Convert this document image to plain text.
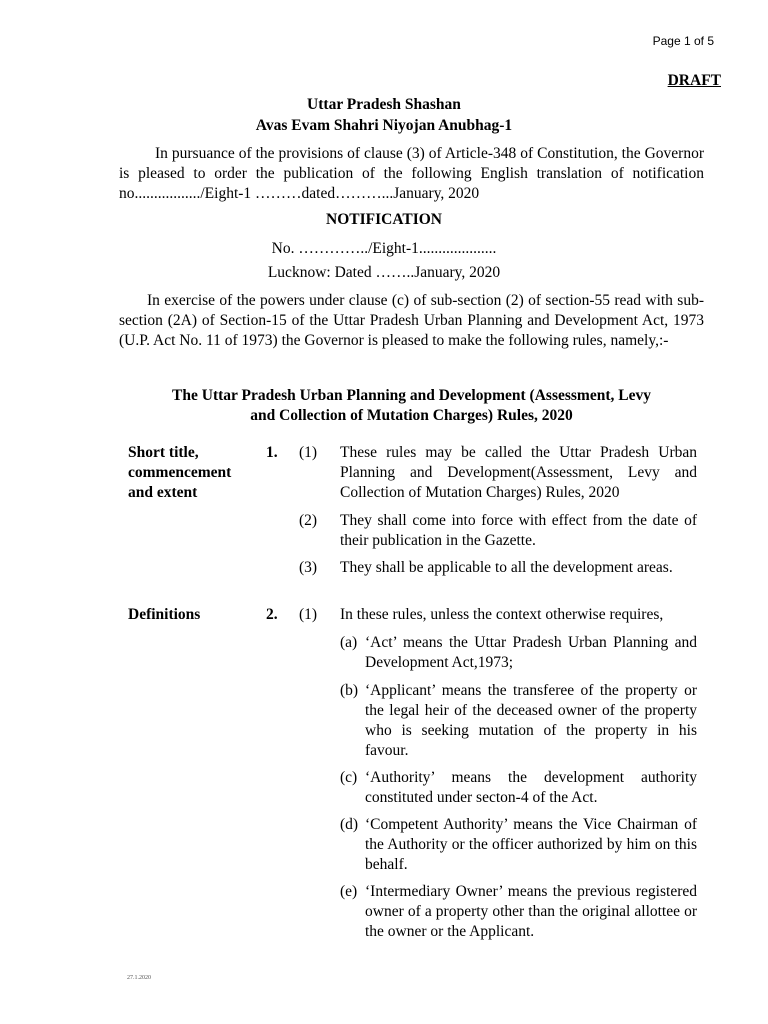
Page 1 of 5
DRAFT
Uttar Pradesh Shashan
Avas Evam Shahri Niyojan Anubhag-1
In pursuance of the provisions of clause (3) of Article-348 of Constitution, the Governor is pleased to order the publication of the following English translation of notification no................./Eight-1 ………dated………...January, 2020
NOTIFICATION
No. …………../Eight-1....................
Lucknow: Dated ……..January, 2020
In exercise of the powers under clause (c) of sub-section (2) of section-55 read with sub-section (2A) of Section-15 of the Uttar Pradesh Urban Planning and Development Act, 1973 (U.P. Act No. 11 of 1973) the Governor is pleased to make the following rules, namely,:-
The Uttar Pradesh Urban Planning and Development (Assessment, Levy
and Collection of Mutation Charges) Rules, 2020
Short title, commencement and extent
1. (1) These rules may be called the Uttar Pradesh Urban Planning and Development(Assessment, Levy and Collection of Mutation Charges) Rules, 2020
(2) They shall come into force with effect from the date of their publication in the Gazette.
(3) They shall be applicable to all the development areas.
Definitions	2. (1) In these rules, unless the context otherwise requires,
(a) ‘Act’ means the Uttar Pradesh Urban Planning and Development Act,1973;
(b) ‘Applicant’ means the transferee of the property or the legal heir of the deceased owner of the property who is seeking mutation of the property in his favour.
(c) ‘Authority’ means the development authority constituted under secton-4 of the Act.
(d) ‘Competent Authority’ means the Vice Chairman of the Authority or the officer authorized by him on this behalf.
(e) ‘Intermediary Owner’ means the previous registered owner of a property other than the original allottee or the owner or the Applicant.
27.1.2020
